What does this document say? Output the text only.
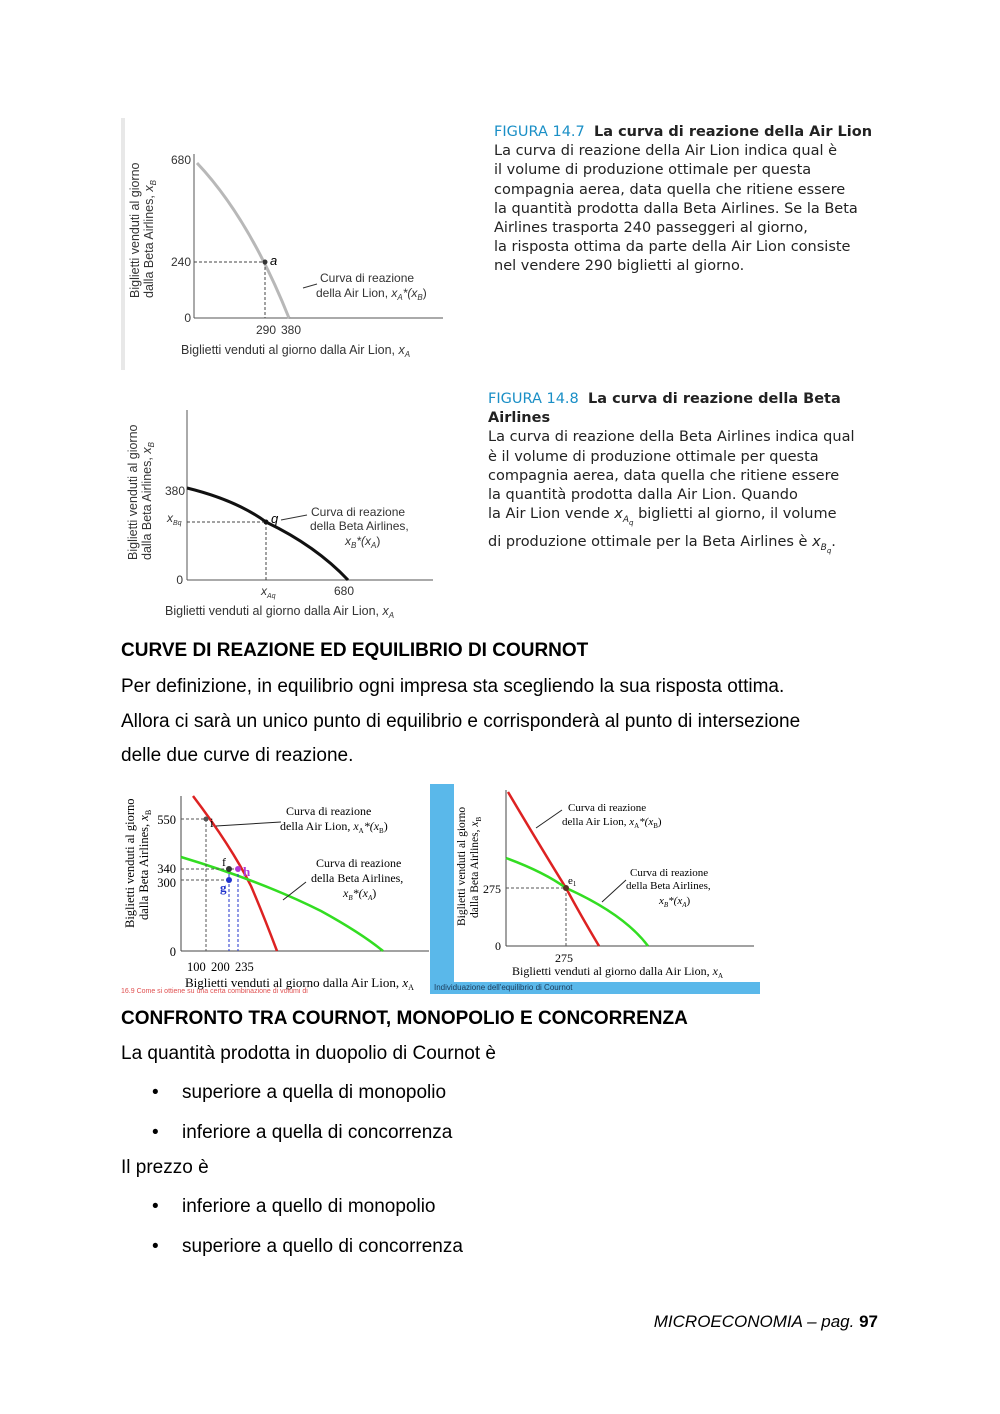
a
680
240
0
290 380
Biglietti venduti al giorno dalla Beta Airlines, $x_B$
Biglietti venduti al giorno dalla Air Lion, $x_A$
Curva di reazione
della Air Lion, $x_A*(x_B)$
FIGURA 14.7 La curva di reazione della Air Lion
La curva di reazione della Air Lion indica qual è
il volume di produzione ottimale per questa
compagnia aerea, data quella che ritiene essere
la quantità prodotta dalla Beta Airlines. Se la Beta
Airlines trasporta 240 passeggeri al giorno,
la risposta ottima da parte della Air Lion consiste
nel vendere 290 biglietti al giorno.
q
380
0
$x_{Bq}$
$x_{Aq}$	680
Biglietti venduti al giorno dalla Beta Airlines, $x_B$
Biglietti venduti al giorno dalla Air Lion, $x_A$
Curva di reazione
della Beta Airlines,
$x_B*(x_A)$
FIGURA 14.8 La curva di reazione della Beta
Airlines
La curva di reazione della Beta Airlines indica qual
è il volume di produzione ottimale per questa
compagnia aerea, data quella che ritiene essere
la quantità prodotta dalla Air Lion. Quando
la Air Lion vende $x_{A_q}$ biglietti al giorno, il volume
di produzione ottimale per la Beta Airlines è $x_{B_q}$.
CURVE DI REAZIONE ED EQUILIBRIO DI COURNOT
Per definizione, in equilibrio ogni impresa sta scegliendo la sua risposta ottima.
Allora ci sarà un unico punto di equilibrio e corrisponderà al punto di intersezione
delle due curve di reazione.
i
f
h
g
550
340
300
0
100 200 235
Biglietti venduti al giorno dalla Beta Airlines, $x_B$
Biglietti venduti al giorno dalla Air Lion, $x_A$
Curva di reazione
della Air Lion, $x_A*(x_B)$
Curva di reazione
della Beta Airlines,
$x_B*(x_A)$
16.9 Come si ottiene su una certa combinazione di volumi di
e1
275
0
275
Biglietti venduti al giorno dalla Beta Airlines, $x_B$
Biglietti venduti al giorno dalla Air Lion, $x_A$
Curva di reazione
della Air Lion, $x_A*(x_B)$
Curva di reazione
della Beta Airlines,
$x_B*(x_A)$
Individuazione dell'equilibrio di Cournot
CONFRONTO TRA COURNOT, MONOPOLIO E CONCORRENZA
La quantità prodotta in duopolio di Cournot è
• superiore a quella di monopolio
• inferiore a quella di concorrenza
Il prezzo è
• inferiore a quello di monopolio
• superiore a quello di concorrenza
MICROECONOMIA – pag. 97
